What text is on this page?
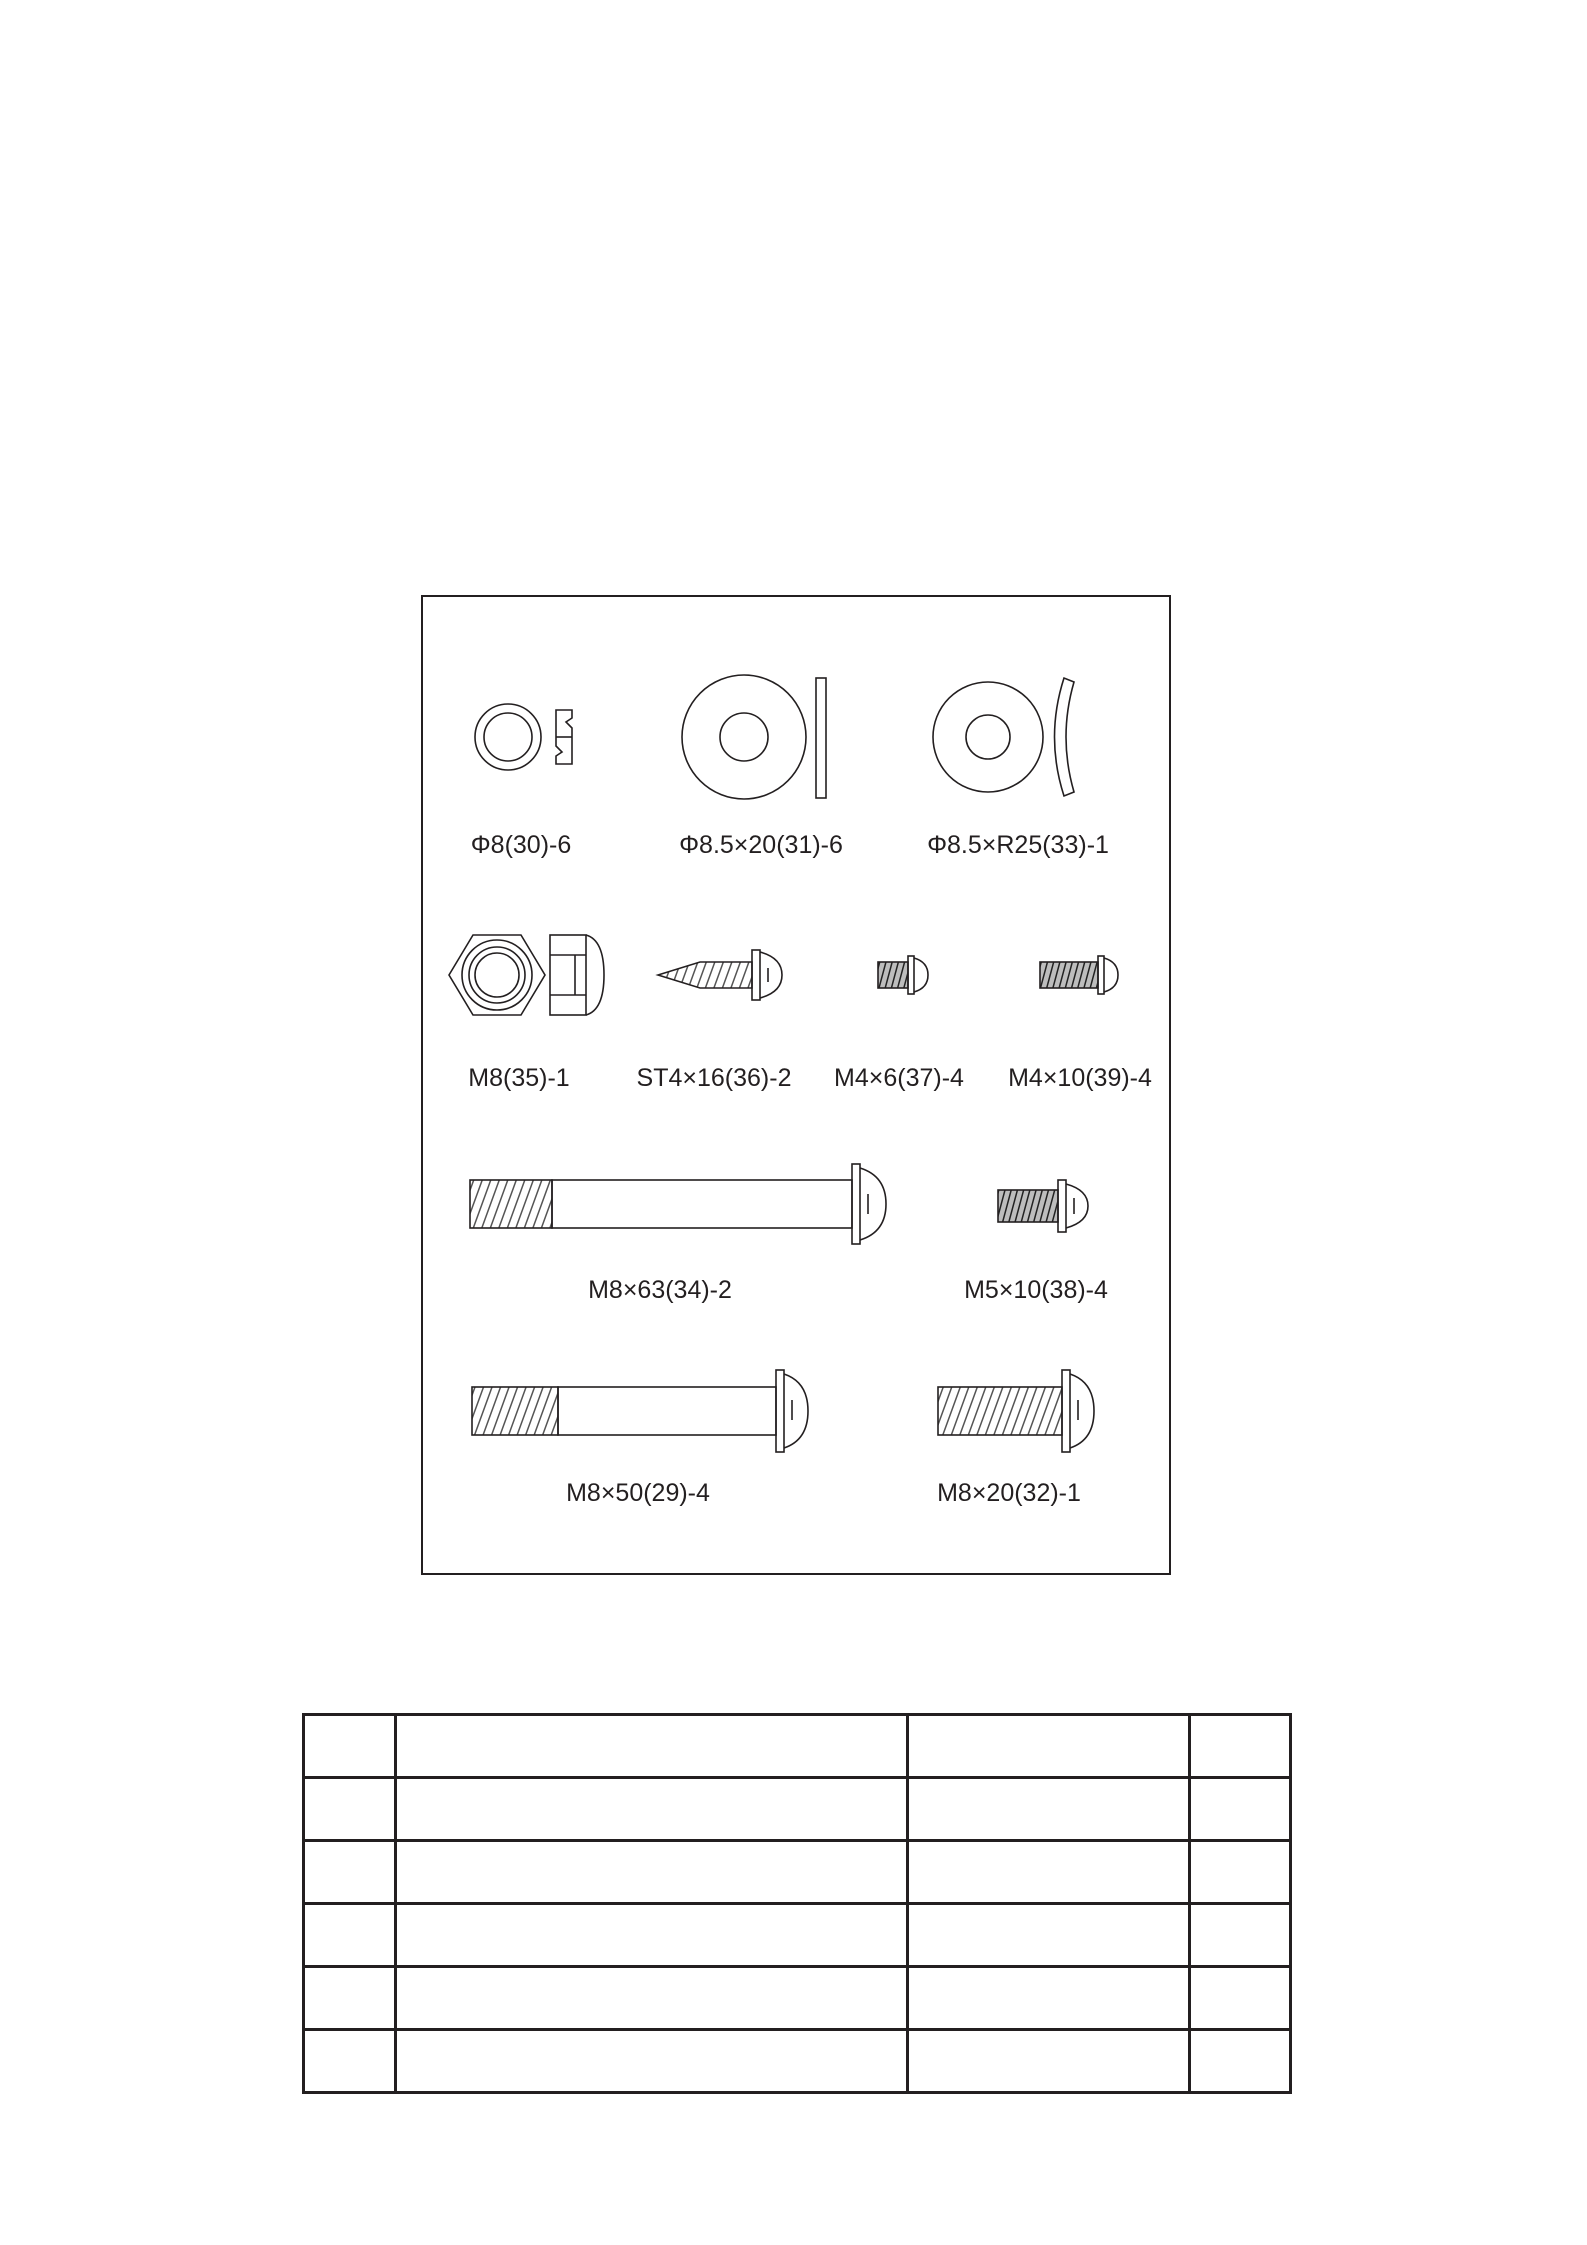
Φ8(30)-6	Φ8.5×20(31)-6	Φ8.5×R25(33)-1
M8(35)-1	ST4×16(36)-2 M4×6(37)-4 M4×10(39)-4
M8×63(34)-2	M5×10(38)-4
M8×50(29)-4	M8×20(32)-1
